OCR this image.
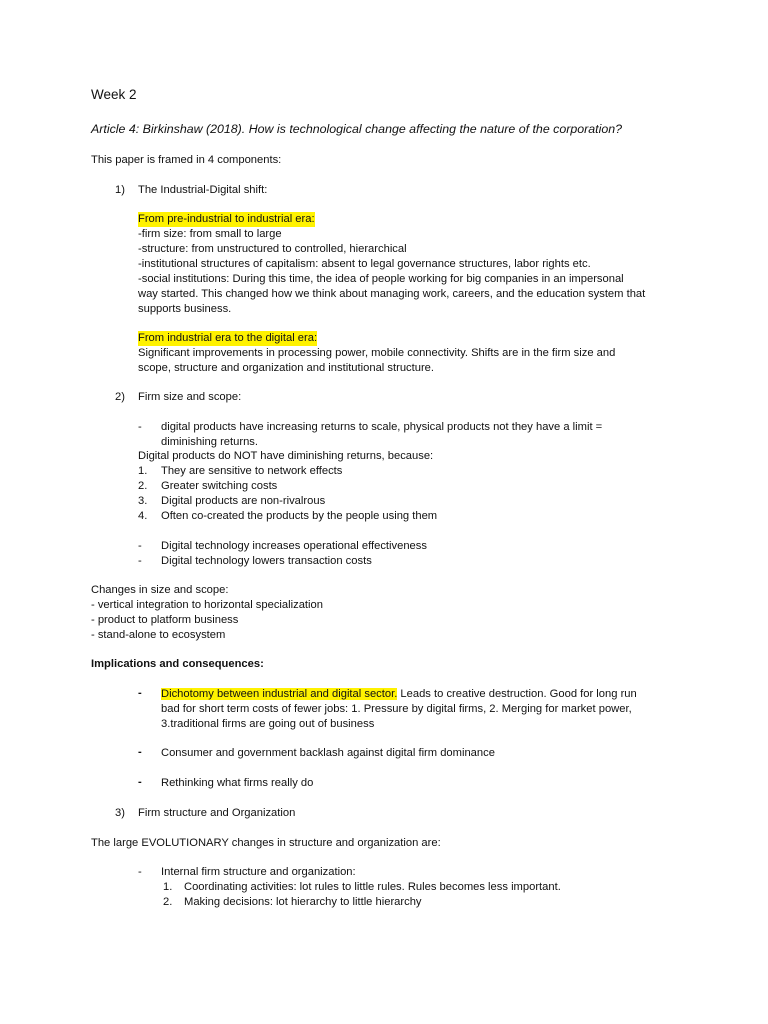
Week 2
Article 4: Birkinshaw (2018). How is technological change affecting the nature of the corporation?
This paper is framed in 4 components:
1) The Industrial-Digital shift:
From pre-industrial to industrial era:
-firm size: from small to large
-structure: from unstructured to controlled, hierarchical
-institutional structures of capitalism: absent to legal governance structures, labor rights etc.
-social institutions: During this time, the idea of people working for big companies in an impersonal
way started. This changed how we think about managing work, careers, and the education system that
supports business.
From industrial era to the digital era:
Significant improvements in processing power, mobile connectivity. Shifts are in the firm size and
scope, structure and organization and institutional structure.
2) Firm size and scope:
- digital products have increasing returns to scale, physical products not they have a limit =
diminishing returns.
Digital products do NOT have diminishing returns, because:
1. They are sensitive to network effects
2. Greater switching costs
3. Digital products are non-rivalrous
4. Often co-created the products by the people using them
- Digital technology increases operational effectiveness
- Digital technology lowers transaction costs
Changes in size and scope:
- vertical integration to horizontal specialization
- product to platform business
- stand-alone to ecosystem
Implications and consequences:
- Dichotomy between industrial and digital sector. Leads to creative destruction. Good for long run
bad for short term costs of fewer jobs: 1. Pressure by digital firms, 2. Merging for market power,
3.traditional firms are going out of business
- Consumer and government backlash against digital firm dominance
- Rethinking what firms really do
3) Firm structure and Organization
The large EVOLUTIONARY changes in structure and organization are:
- Internal firm structure and organization:
1. Coordinating activities: lot rules to little rules. Rules becomes less important.
2. Making decisions: lot hierarchy to little hierarchy
